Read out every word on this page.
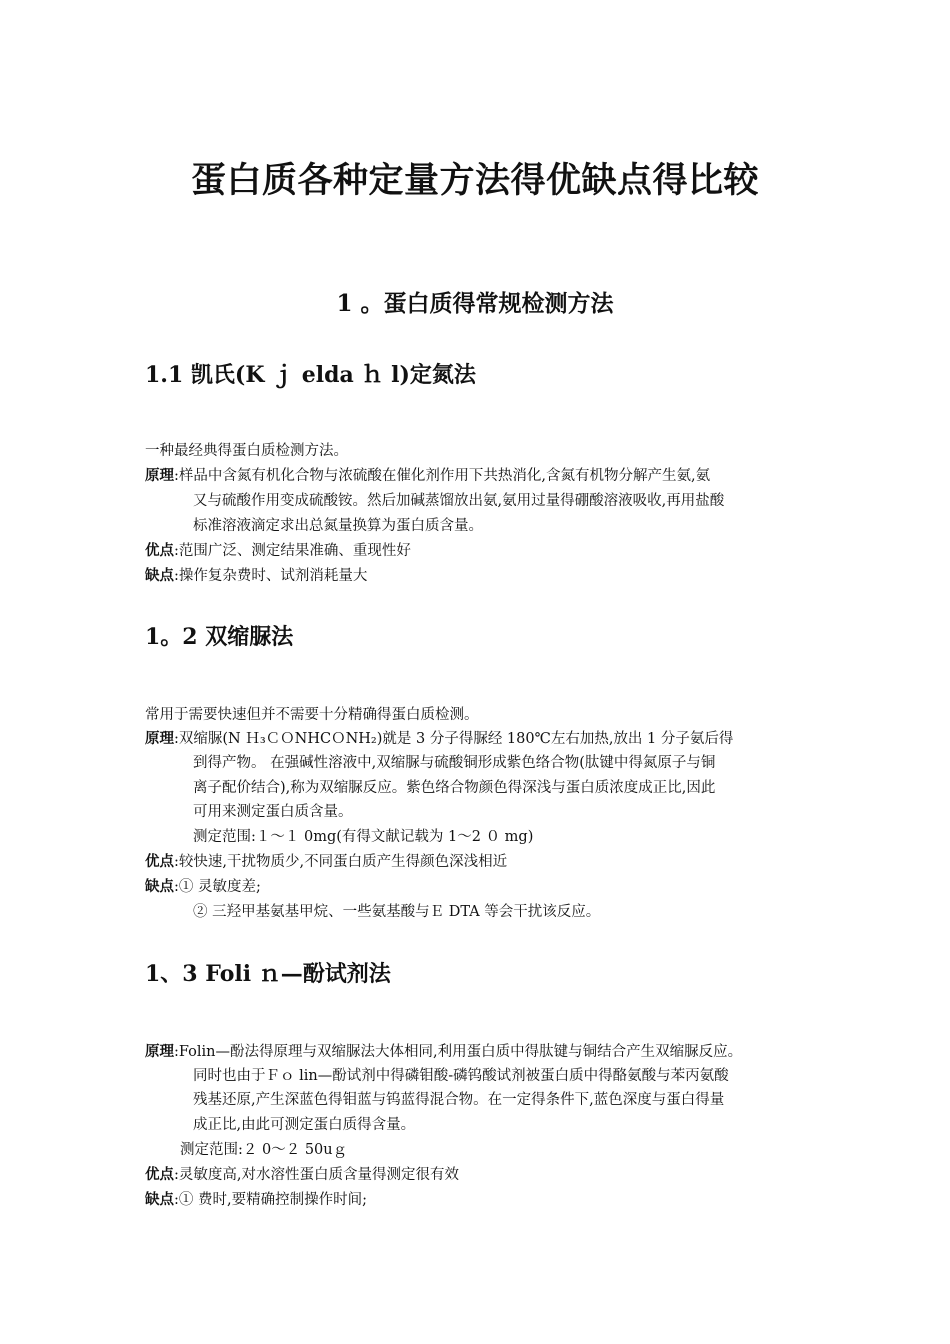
蛋白质各种定量方法得优缺点得比较
1 。蛋白质得常规检测方法
1.1 凯氏(K ｊ elda ｈ l)定氮法
一种最经典得蛋白质检测方法。
原理:样品中含氮有机化合物与浓硫酸在催化剂作用下共热消化,含氮有机物分解产生氨,氨
又与硫酸作用变成硫酸铵。然后加碱蒸馏放出氨,氨用过量得硼酸溶液吸收,再用盐酸
标准溶液滴定求出总氮量换算为蛋白质含量。
优点:范围广泛、测定结果准确、重现性好
缺点:操作复杂费时、试剂消耗量大
1。2 双缩脲法
常用于需要快速但并不需要十分精确得蛋白质检测。
原理:双缩脲(N Ｈ₃ＣＯNHCＯNH₂)就是 3 分子得脲经 180℃左右加热,放出 1 分子氨后得
到得产物。 在强碱性溶液中,双缩脲与硫酸铜形成紫色络合物(肽键中得氮原子与铜
离子配价结合),称为双缩脲反应。紫色络合物颜色得深浅与蛋白质浓度成正比,因此
可用来测定蛋白质含量。
测定范围:１～１ 0mg(有得文献记载为 1～2 ０ mg)
优点:较快速,干扰物质少,不同蛋白质产生得颜色深浅相近
缺点:① 灵敏度差;
② 三羟甲基氨基甲烷、一些氨基酸与Ｅ DTA 等会干扰该反应。
1、3 Foli ｎ—酚试剂法
原理:Folin—酚法得原理与双缩脲法大体相同,利用蛋白质中得肽键与铜结合产生双缩脲反应。
同时也由于Ｆｏ lin—酚试剂中得磷钼酸-磷钨酸试剂被蛋白质中得酪氨酸与苯丙氨酸
残基还原,产生深蓝色得钼蓝与钨蓝得混合物。在一定得条件下,蓝色深度与蛋白得量
成正比,由此可测定蛋白质得含量。
测定范围:２ 0～２ 50uｇ
优点:灵敏度高,对水溶性蛋白质含量得测定很有效
缺点:① 费时,要精确控制操作时间;
